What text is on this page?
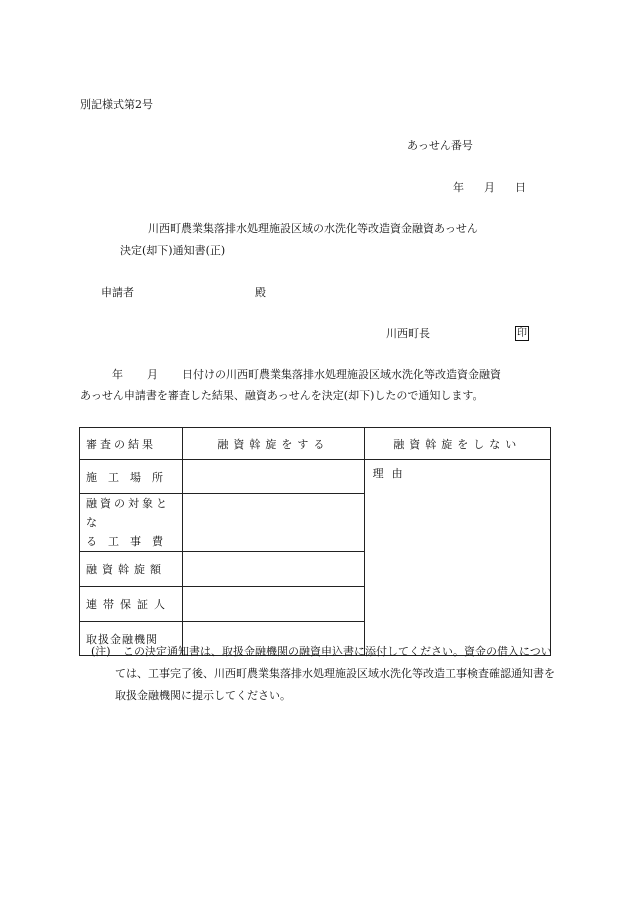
別記様式第2号
あっせん番号
年 月 日
川西町農業集落排水処理施設区域の水洗化等改造資金融資あっせん
決定(却下)通知書(正)
申請者	殿
川西町長	印
年 月 日付けの川西町農業集落排水処理施設区域水洗化等改造資金融資
あっせん申請書を審査した結果、融資あっせんを決定(却下)したので通知します。
審査の結果	融資斡旋をする	融資斡旋をしない
施工場所		理由

融資の対象とな
る工事費		

融資斡旋額		
連帯保証人		
取扱金融機関		
(注) この決定通知書は、取扱金融機関の融資申込書に添付してください。資金の借入につい
ては、工事完了後、川西町農業集落排水処理施設区域水洗化等改造工事検査確認通知書を
取扱金融機関に提示してください。
